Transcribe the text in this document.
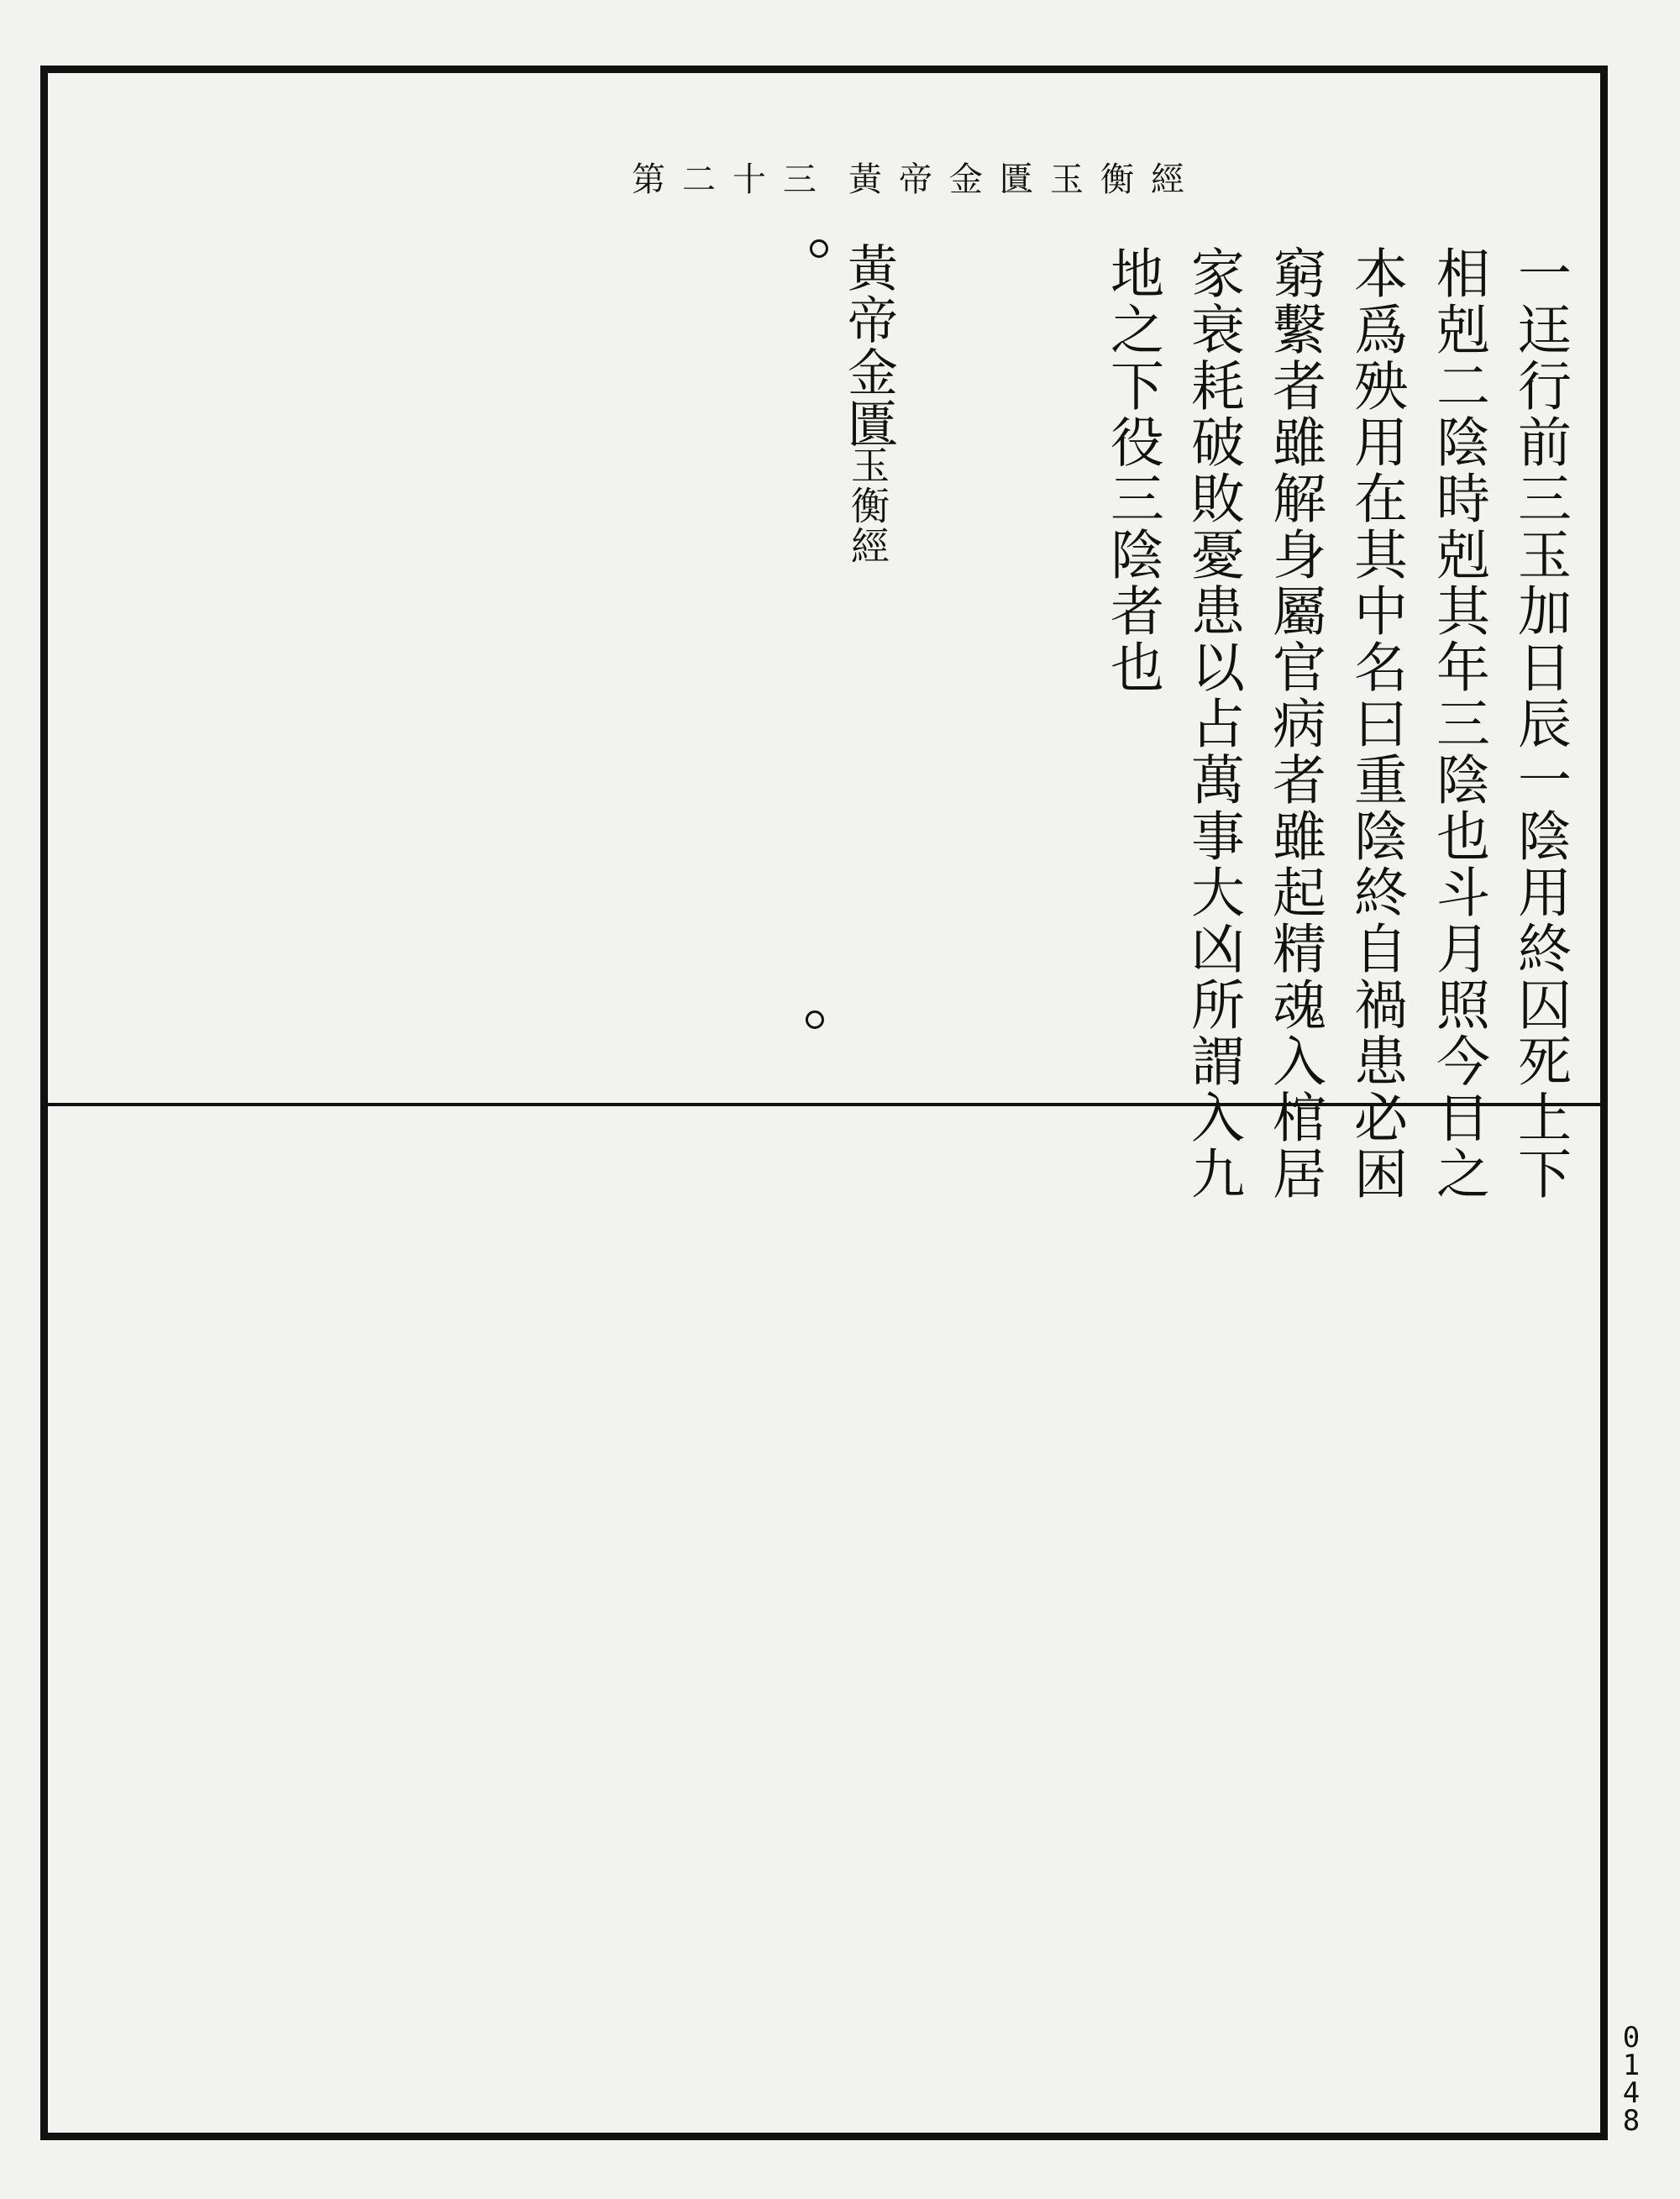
黃帝金匱玉衡經
第二十三
一迋行前三玉加日辰一陰用終囚死上下
相剋二陰時剋其年三陰也斗月照今日之
本爲殃用在其中名曰重陰終自禍患必困
窮繫者雖解身屬官病者雖起精魂入棺居
家衰耗破敗憂患以占萬事大凶所謂入九
地之下役三陰者也
黃帝金匱
玉衡經
0
1
4
8
